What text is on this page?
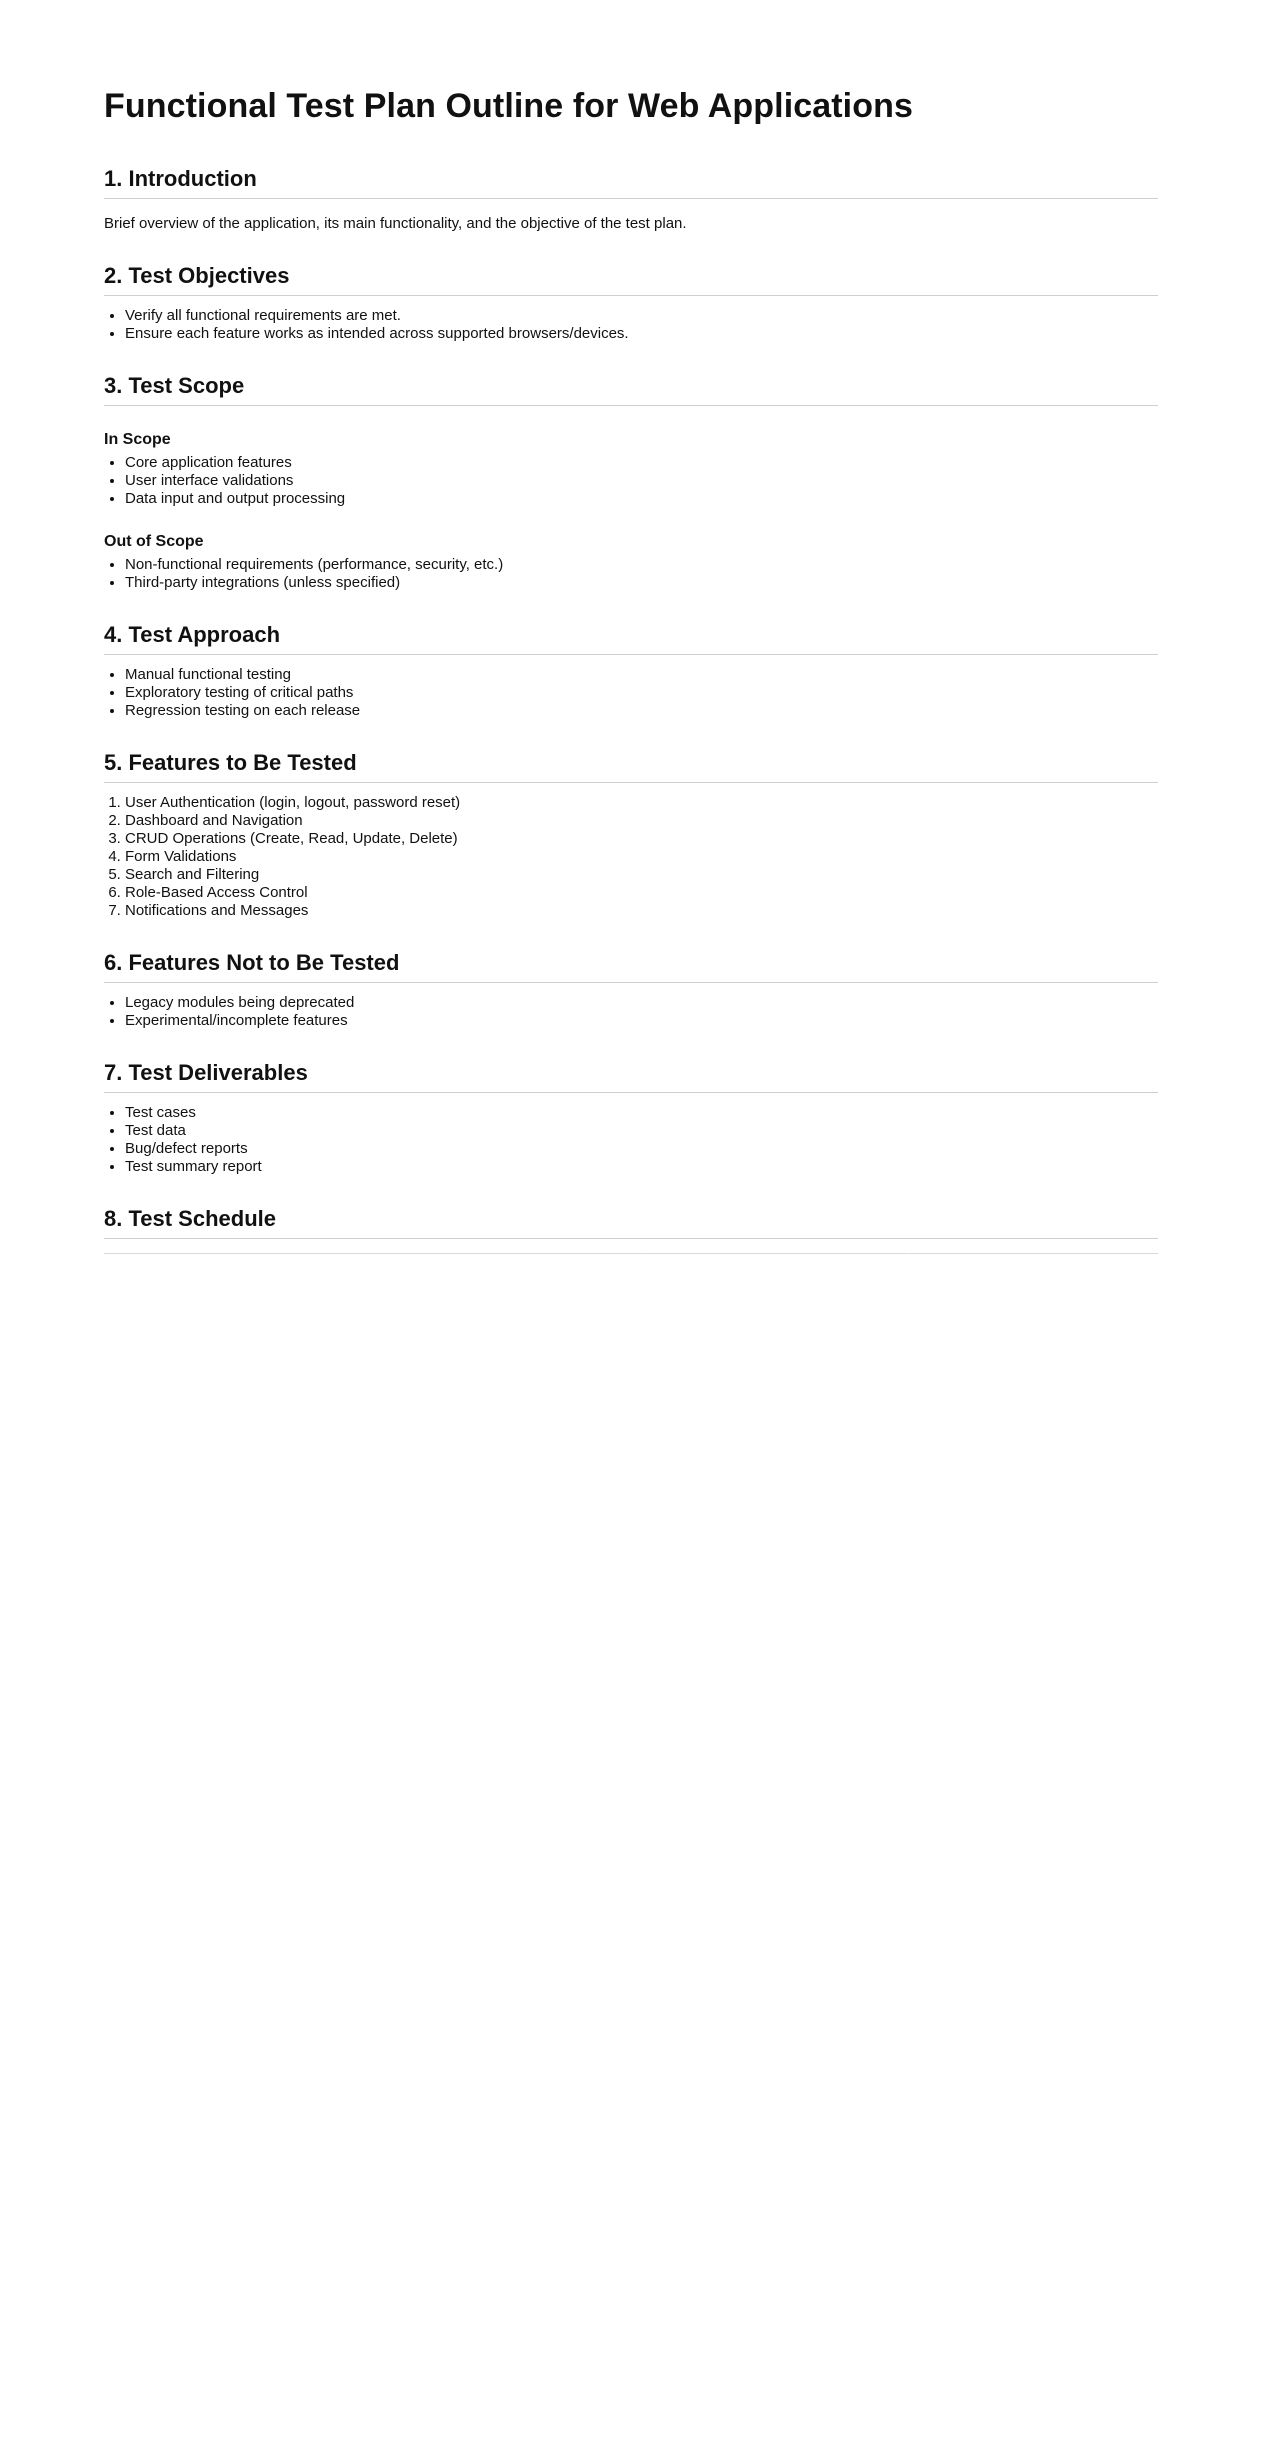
Functional Test Plan Outline for Web Applications
1. Introduction

Brief overview of the application, its main functionality, and the objective of the test plan.

2. Test Objectives
• Verify all functional requirements are met.
• Ensure each feature works as intended across supported browsers/devices.
3. Test Scope
In Scope
• Core application features
• User interface validations
• Data input and output processing
Out of Scope
• Non-functional requirements (performance, security, etc.)
• Third-party integrations (unless specified)
4. Test Approach
• Manual functional testing
• Exploratory testing of critical paths
• Regression testing on each release
5. Features to Be Tested
1. User Authentication (login, logout, password reset)
2. Dashboard and Navigation
3. CRUD Operations (Create, Read, Update, Delete)
4. Form Validations
5. Search and Filtering
6. Role-Based Access Control
7. Notifications and Messages
6. Features Not to Be Tested
• Legacy modules being deprecated
• Experimental/incomplete features
7. Test Deliverables
• Test cases
• Test data
• Bug/defect reports
• Test summary report
8. Test Schedule
